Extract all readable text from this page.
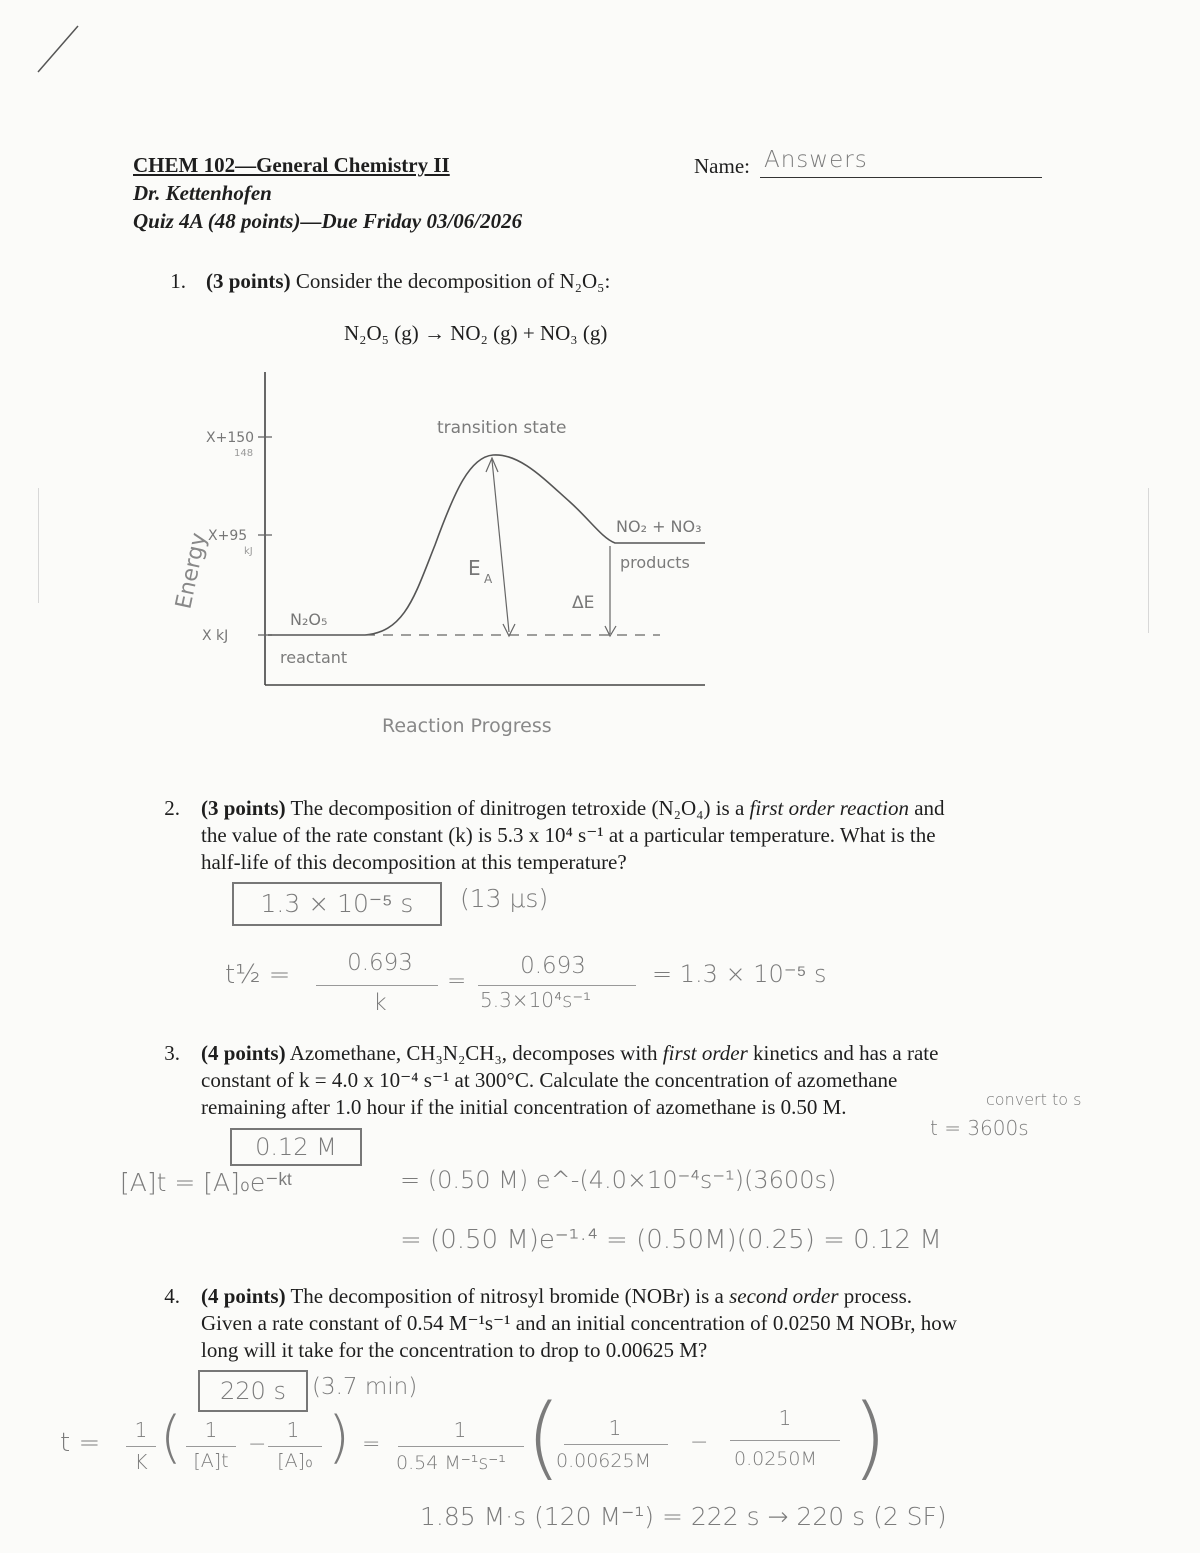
CHEM 102—General Chemistry II
Dr. Kettenhofen
Quiz 4A (48 points)—Due Friday 03/06/2026
Name: Answers
1. (3 points) Consider the decomposition of N₂O₅:
N₂O₅ (g) → NO₂ (g) + NO₃ (g)
Energy
X+150
148
X+95
kJ
X kJ
transition state
E A
ΔE
N₂O₅
reactant
NO₂ + NO₃
products
Reaction Progress
2. (3 points) The decomposition of dinitrogen tetroxide (N₂O₄) is a first order reaction and
the value of the rate constant (k) is 5.3 x 10⁴ s⁻¹ at a particular temperature. What is the
half-life of this decomposition at this temperature?
1.3 × 10⁻⁵ s	(13 μs)
t½ =	0.693
k
=
0.693
5.3×10⁴s⁻¹
= 1.3 × 10⁻⁵ s
3. (4 points) Azomethane, CH₃N₂CH₃, decomposes with first order kinetics and has a rate
constant of k = 4.0 x 10⁻⁴ s⁻¹ at 300°C. Calculate the concentration of azomethane
remaining after 1.0 hour if the initial concentration of azomethane is 0.50 M.	convert to s
t = 3600s
0.12 M
[A]t = [A]₀e⁻ᵏᵗ	= (0.50 M) e^-(4.0×10⁻⁴s⁻¹)(3600s)
= (0.50 M)e⁻¹·⁴ = (0.50M)(0.25) = 0.12 M
4. (4 points) The decomposition of nitrosyl bromide (NOBr) is a second order process.
Given a rate constant of 0.54 M⁻¹s⁻¹ and an initial concentration of 0.0250 M NOBr, how
long will it take for the concentration to drop to 0.00625 M?
220 s	(3.7 min)
t =	1
K (	1
[A]t
−
1
[A]₀ ) =
1
0.54 M⁻¹s⁻¹ (	1
0.00625M
−
1
0.0250M )
1.85 M·s (120 M⁻¹) = 222 s → 220 s (2 SF)
